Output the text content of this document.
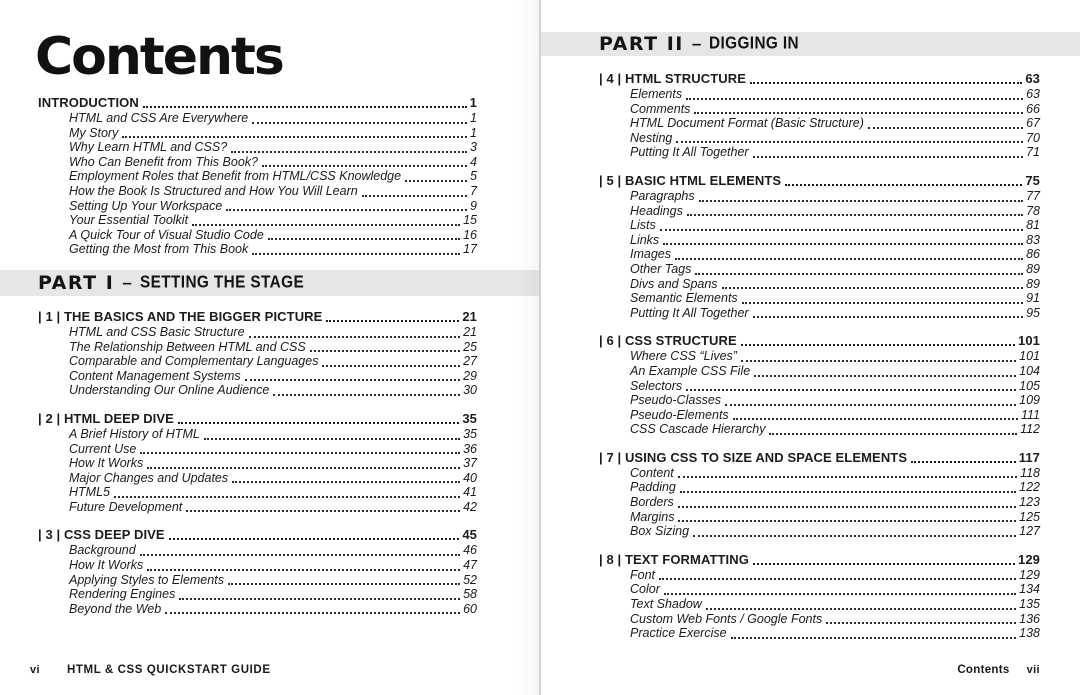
Contents
INTRODUCTION	1
HTML and CSS Are Everywhere	1
My Story	1
Why Learn HTML and CSS?	3
Who Can Benefit from This Book?	4
Employment Roles that Benefit from HTML/CSS Knowledge	5
How the Book Is Structured and How You Will Learn	7
Setting Up Your Workspace	9
Your Essential Toolkit	15
A Quick Tour of Visual Studio Code	16
Getting the Most from This Book	17
PART I – SETTING THE STAGE
| 1 | THE BASICS AND THE BIGGER PICTURE	21
HTML and CSS Basic Structure	21
The Relationship Between HTML and CSS	25
Comparable and Complementary Languages	27
Content Management Systems	29
Understanding Our Online Audience	30
| 2 | HTML DEEP DIVE	35
A Brief History of HTML	35
Current Use	36
How It Works	37
Major Changes and Updates	40
HTML5	41
Future Development	42
| 3 | CSS DEEP DIVE	45
Background	46
How It Works	47
Applying Styles to Elements	52
Rendering Engines	58
Beyond the Web	60
vi HTML & CSS QUICKSTART GUIDE
PART II – DIGGING IN
| 4 | HTML STRUCTURE	63
Elements	63
Comments	66
HTML Document Format (Basic Structure)	67
Nesting	70
Putting It All Together	71
| 5 | BASIC HTML ELEMENTS	75
Paragraphs	77
Headings	78
Lists	81
Links	83
Images	86
Other Tags	89
Divs and Spans	89
Semantic Elements	91
Putting It All Together	95
| 6 | CSS STRUCTURE	101
Where CSS “Lives”	101
An Example CSS File	104
Selectors	105
Pseudo-Classes	109
Pseudo-Elements	111
CSS Cascade Hierarchy	112
| 7 | USING CSS TO SIZE AND SPACE ELEMENTS	117
Content	118
Padding	122
Borders	123
Margins	125
Box Sizing	127
| 8 | TEXT FORMATTING	129
Font	129
Color	134
Text Shadow	135
Custom Web Fonts / Google Fonts	136
Practice Exercise	138
Contents vii
